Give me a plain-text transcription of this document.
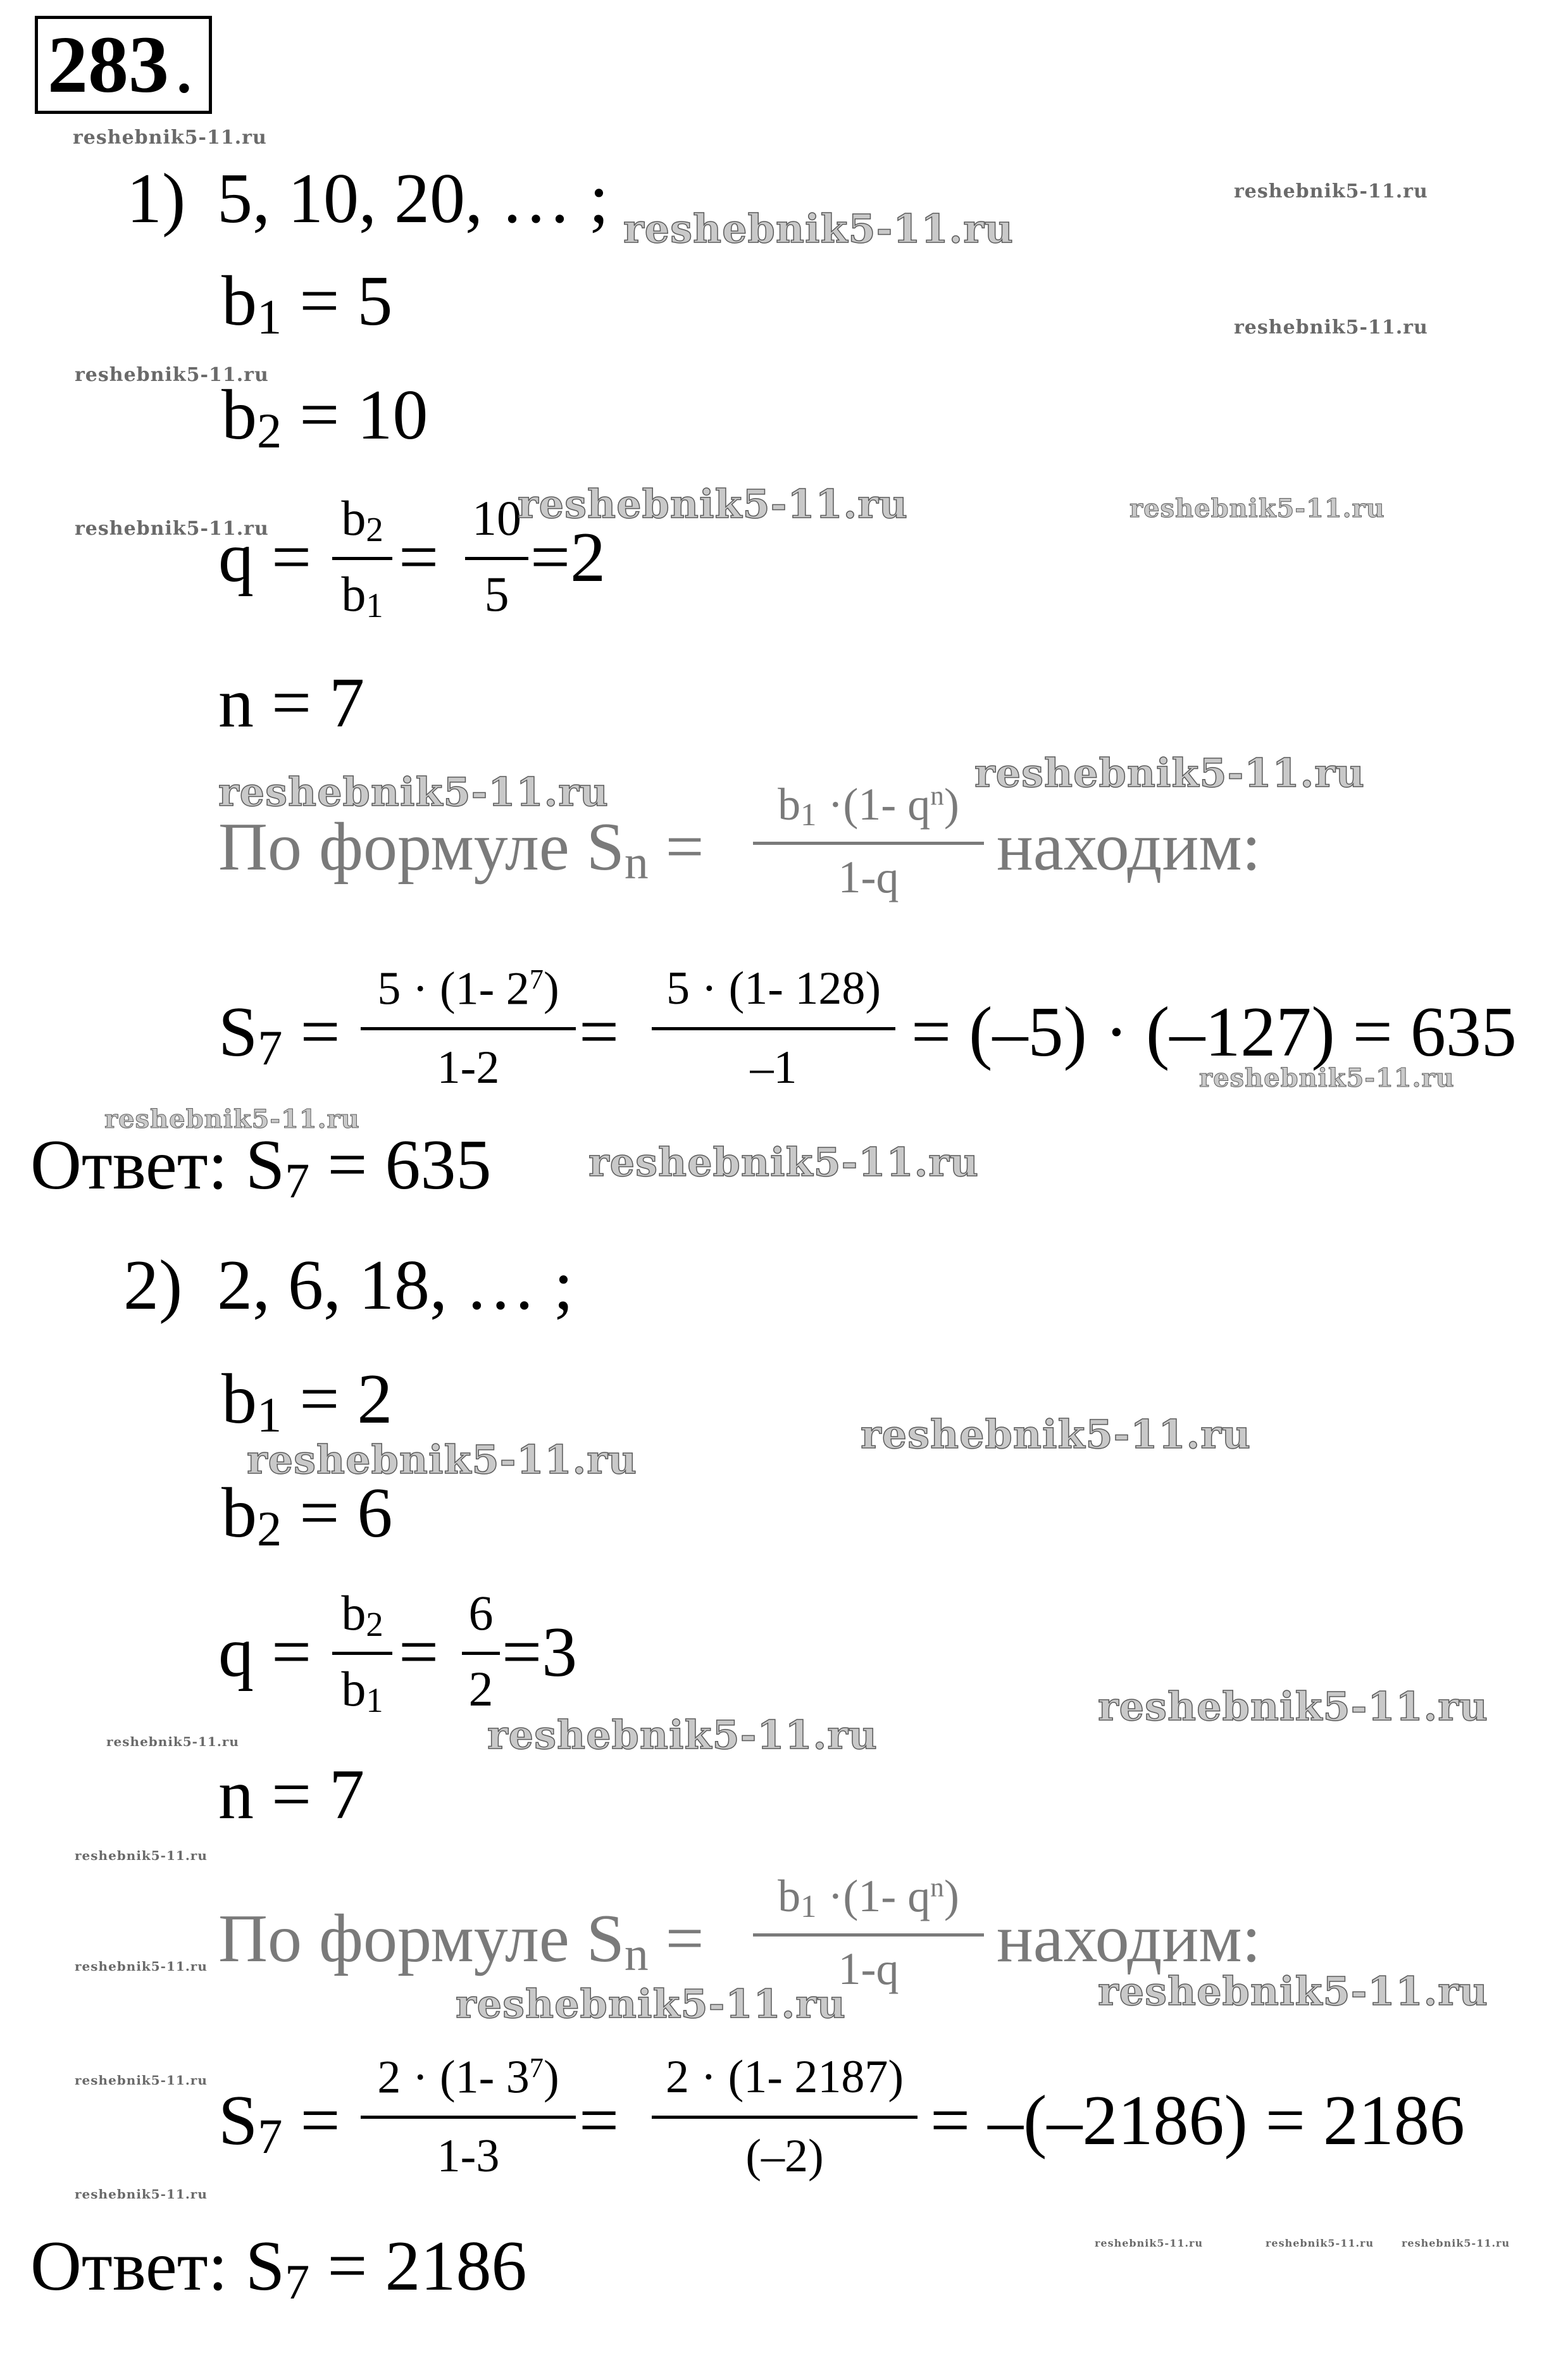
283 .
1) 5, 10, 20, … ;
$b_1 = 5$
$b_2 = 10$
q =
$b_2$
$b_1$
=
10
5 =2
n = 7
По формуле $S_n$ =
$b_1 \cdot(1-$ $q^n$)
1-q	находим:
$S_7$ =
5 · (1- $2^7$)
1-2	=
5 · (1- 128)
–1	= (–5) · (–127) = 635
Ответ: $S_7 = 635$
2) 2, 6, 18, … ;
$b_1 = 2$
$b_2 = 6$
q =
$b_2$
$b_1$
=
6
2 =3
n = 7
По формуле $S_n$ =
$b_1 \cdot(1-$ $q^n$)
1-q	находим:
$S_7$ =
2 · (1- $3^7$)
1-3	=
2 · (1- 2187)
(–2)	= –(–2186) = 2186
Ответ: $S_7 = 2186$
reshebnik5-11.ru
reshebnik5-11.ru
reshebnik5-11.ru
reshebnik5-11.ru
reshebnik5-11.ru
reshebnik5-11.ru	reshebnik5-11.ru
reshebnik5-11.ru
reshebnik5-11.ru	reshebnik5-11.ru
reshebnik5-11.ru
reshebnik5-11.ru
reshebnik5-11.ru
reshebnik5-11.ru
reshebnik5-11.ru
reshebnik5-11.ru
reshebnik5-11.ru
reshebnik5-11.ru
reshebnik5-11.ru
reshebnik5-11.ru
reshebnik5-11.ru	reshebnik5-11.ru
reshebnik5-11.ru
reshebnik5-11.ru
reshebnik5-11.ru	reshebnik5-11.ru	reshebnik5-11.ru
